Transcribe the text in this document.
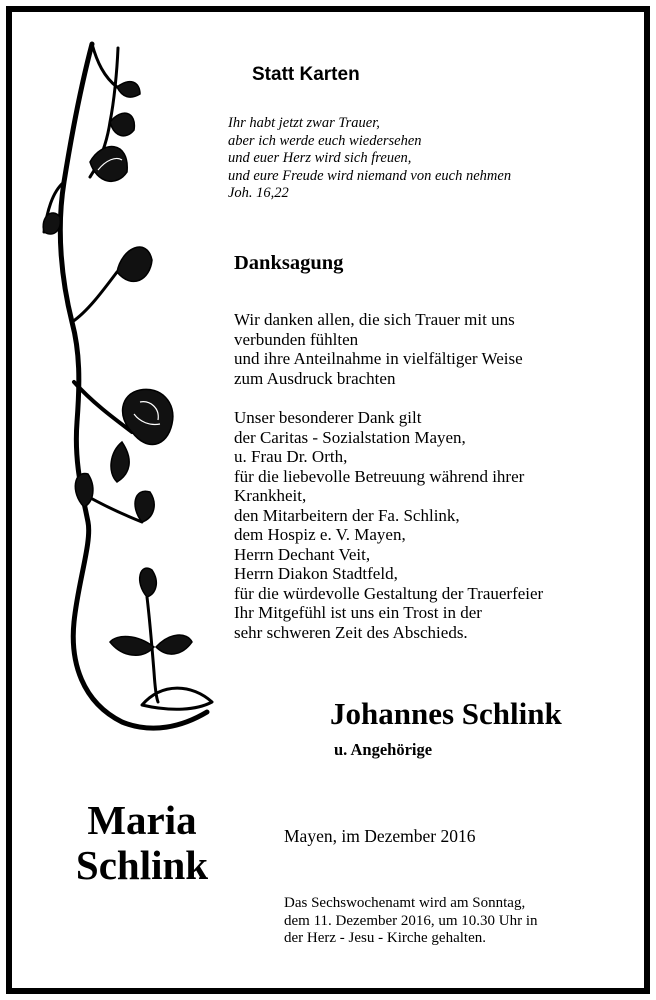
Statt Karten
Ihr habt jetzt zwar Trauer,
aber ich werde euch wiedersehen
und euer Herz wird sich freuen,
und eure Freude wird niemand von euch nehmen
Joh. 16,22
Danksagung
Wir danken allen, die sich Trauer mit uns
verbunden fühlten
und ihre Anteilnahme in vielfältiger Weise
zum Ausdruck brachten
Unser besonderer Dank gilt
der Caritas - Sozialstation Mayen,
u. Frau Dr. Orth,
für die liebevolle Betreuung während ihrer
Krankheit,
den Mitarbeitern der Fa. Schlink,
dem Hospiz e. V. Mayen,
Herrn Dechant Veit,
Herrn Diakon Stadtfeld,
für die würdevolle Gestaltung der Trauerfeier
Ihr Mitgefühl ist uns ein Trost in der
sehr schweren Zeit des Abschieds.
Johannes Schlink
u. Angehörige
Maria
Schlink
Mayen, im Dezember 2016
Das Sechswochenamt wird am Sonntag,
dem 11. Dezember 2016, um 10.30 Uhr in
der Herz - Jesu - Kirche gehalten.
